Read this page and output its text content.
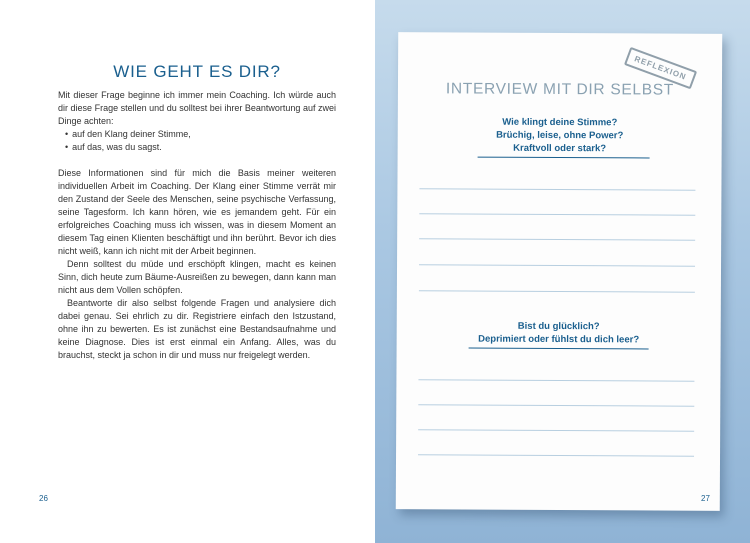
WIE GEHT ES DIR?

Mit dieser Frage beginne ich immer mein Coaching. Ich würde auch dir diese Frage stellen und du solltest bei ihrer Beantwortung auf zwei Dinge achten:

• auf den Klang deiner Stimme,
• auf das, was du sagst.

Diese Informationen sind für mich die Basis meiner weiteren individuellen Arbeit im Coaching. Der Klang einer Stimme verrät mir den Zustand der Seele des Menschen, seine psychische Verfassung, seine Tagesform. Ich kann hören, wie es jemandem geht. Für ein erfolgreiches Coaching muss ich wissen, was in diesem Moment an diesem Tag einen Klienten beschäftigt und ihn berührt. Bevor ich dies nicht weiß, kann ich nicht mit der Arbeit beginnen.

Denn solltest du müde und erschöpft klingen, macht es keinen Sinn, dich heute zum Bäume-Ausreißen zu bewegen, dann kann man nicht aus dem Vollen schöpfen.

Beantworte dir also selbst folgende Fragen und analysiere dich dabei genau. Sei ehrlich zu dir. Registriere einfach den Istzustand, ohne ihn zu bewerten. Es ist zunächst eine Bestandsaufnahme und keine Diagnose. Dies ist erst einmal ein Anfang. Alles, was du brauchst, steckt ja schon in dir und muss nur freigelegt werden.

26	27
REFLEXION
INTERVIEW MIT DIR SELBST
Wie klingt deine Stimme?
Brüchig, leise, ohne Power?
Kraftvoll oder stark?
Bist du glücklich?
Deprimiert oder fühlst du dich leer?
